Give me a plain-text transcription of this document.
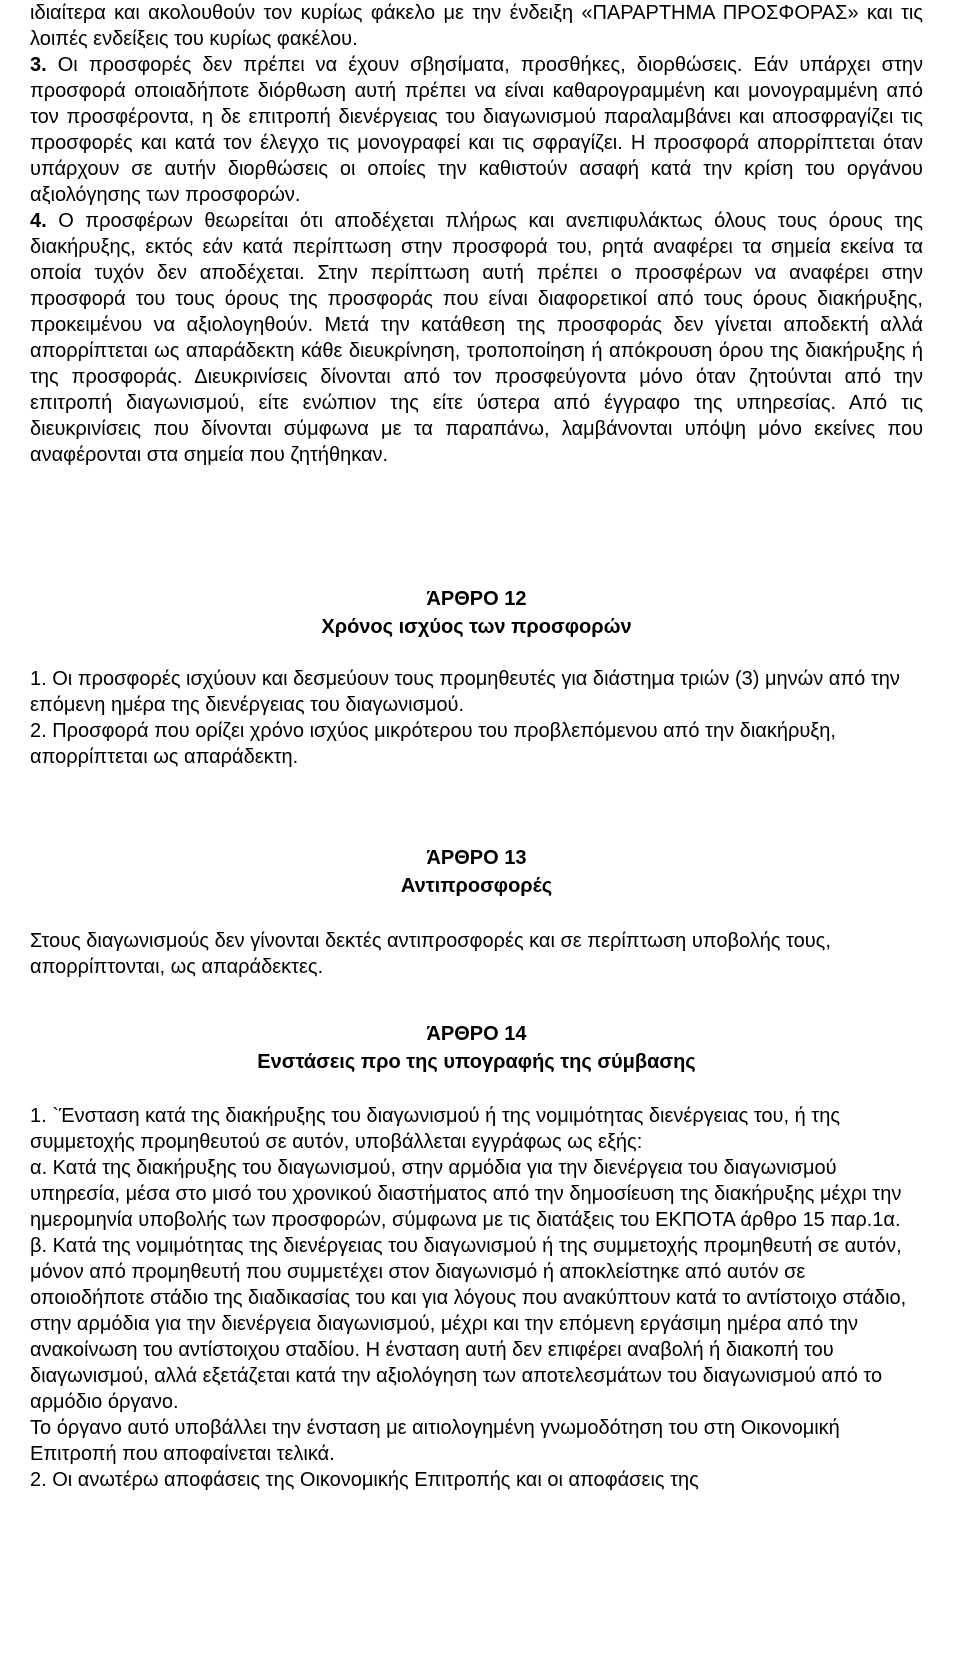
ιδιαίτερα και ακολουθούν τον κυρίως φάκελο με την ένδειξη «ΠΑΡΑΡΤΗΜΑ ΠΡΟΣΦΟΡΑΣ» και τις λοιπές ενδείξεις του κυρίως φακέλου.

3. Οι προσφορές δεν πρέπει να έχουν σβησίματα, προσθήκες, διορθώσεις. Εάν υπάρχει στην προσφορά οποιαδήποτε διόρθωση αυτή πρέπει να είναι καθαρογραμμένη και μονογραμμένη από τον προσφέροντα, η δε επιτροπή διενέργειας του διαγωνισμού παραλαμβάνει και αποσφραγίζει τις προσφορές και κατά τον έλεγχο τις μονογραφεί και τις σφραγίζει. Η προσφορά απορρίπτεται όταν υπάρχουν σε αυτήν διορθώσεις οι οποίες την καθιστούν ασαφή κατά την κρίση του οργάνου αξιολόγησης των προσφορών.

4. Ο προσφέρων θεωρείται ότι αποδέχεται πλήρως και ανεπιφυλάκτως όλους τους όρους της διακήρυξης, εκτός εάν κατά περίπτωση στην προσφορά του, ρητά αναφέρει τα σημεία εκείνα τα οποία τυχόν δεν αποδέχεται. Στην περίπτωση αυτή πρέπει ο προσφέρων να αναφέρει στην προσφορά του τους όρους της προσφοράς που είναι διαφορετικοί από τους όρους διακήρυξης, προκειμένου να αξιολογηθούν. Μετά την κατάθεση της προσφοράς δεν γίνεται αποδεκτή αλλά απορρίπτεται ως απαράδεκτη κάθε διευκρίνηση, τροποποίηση ή απόκρουση όρου της διακήρυξης ή της προσφοράς. Διευκρινίσεις δίνονται από τον προσφεύγοντα μόνο όταν ζητούνται από την επιτροπή διαγωνισμού, είτε ενώπιον της είτε ύστερα από έγγραφο της υπηρεσίας. Από τις διευκρινίσεις που δίνονται σύμφωνα με τα παραπάνω, λαμβάνονται υπόψη μόνο εκείνες που αναφέρονται στα σημεία που ζητήθηκαν.

ΆΡΘΡΟ 12

Χρόνος ισχύος των προσφορών

1. Οι προσφορές ισχύουν και δεσμεύουν τους προμηθευτές για διάστημα τριών (3) μηνών από την επόμενη ημέρα της διενέργειας του διαγωνισμού.

2. Προσφορά που ορίζει χρόνο ισχύος μικρότερου του προβλεπόμενου από την διακήρυξη, απορρίπτεται ως απαράδεκτη.

ΆΡΘΡΟ 13

Αντιπροσφορές

Στους διαγωνισμούς δεν γίνονται δεκτές αντιπροσφορές και σε περίπτωση υποβολής τους, απορρίπτονται, ως απαράδεκτες.

ΆΡΘΡΟ 14

Ενστάσεις προ της υπογραφής της σύμβασης

1. `Ένσταση κατά της διακήρυξης του διαγωνισμού ή της νομιμότητας διενέργειας του, ή της συμμετοχής προμηθευτού σε αυτόν, υποβάλλεται εγγράφως ως εξής:

α. Κατά της διακήρυξης του διαγωνισμού, στην αρμόδια για την διενέργεια του διαγωνισμού υπηρεσία, μέσα στο μισό του χρονικού διαστήματος από την δημοσίευση της διακήρυξης μέχρι την ημερομηνία υποβολής των προσφορών, σύμφωνα με τις διατάξεις του ΕΚΠΟΤΑ άρθρο 15 παρ.1α.

β. Κατά της νομιμότητας της διενέργειας του διαγωνισμού ή της συμμετοχής προμηθευτή σε αυτόν, μόνον από προμηθευτή που συμμετέχει στον διαγωνισμό ή αποκλείστηκε από αυτόν σε οποιοδήποτε στάδιο της διαδικασίας του και για λόγους που ανακύπτουν κατά το αντίστοιχο στάδιο, στην αρμόδια για την διενέργεια διαγωνισμού, μέχρι και την επόμενη εργάσιμη ημέρα από την ανακοίνωση του αντίστοιχου σταδίου. Η ένσταση αυτή δεν επιφέρει αναβολή ή διακοπή του διαγωνισμού, αλλά εξετάζεται κατά την αξιολόγηση των αποτελεσμάτων του διαγωνισμού από το αρμόδιο όργανο.

Το όργανο αυτό υποβάλλει την ένσταση με αιτιολογημένη γνωμοδότηση του στη Οικονομική Επιτροπή που αποφαίνεται τελικά.

2. Οι ανωτέρω αποφάσεις της Οικονομικής Επιτροπής και οι αποφάσεις της
